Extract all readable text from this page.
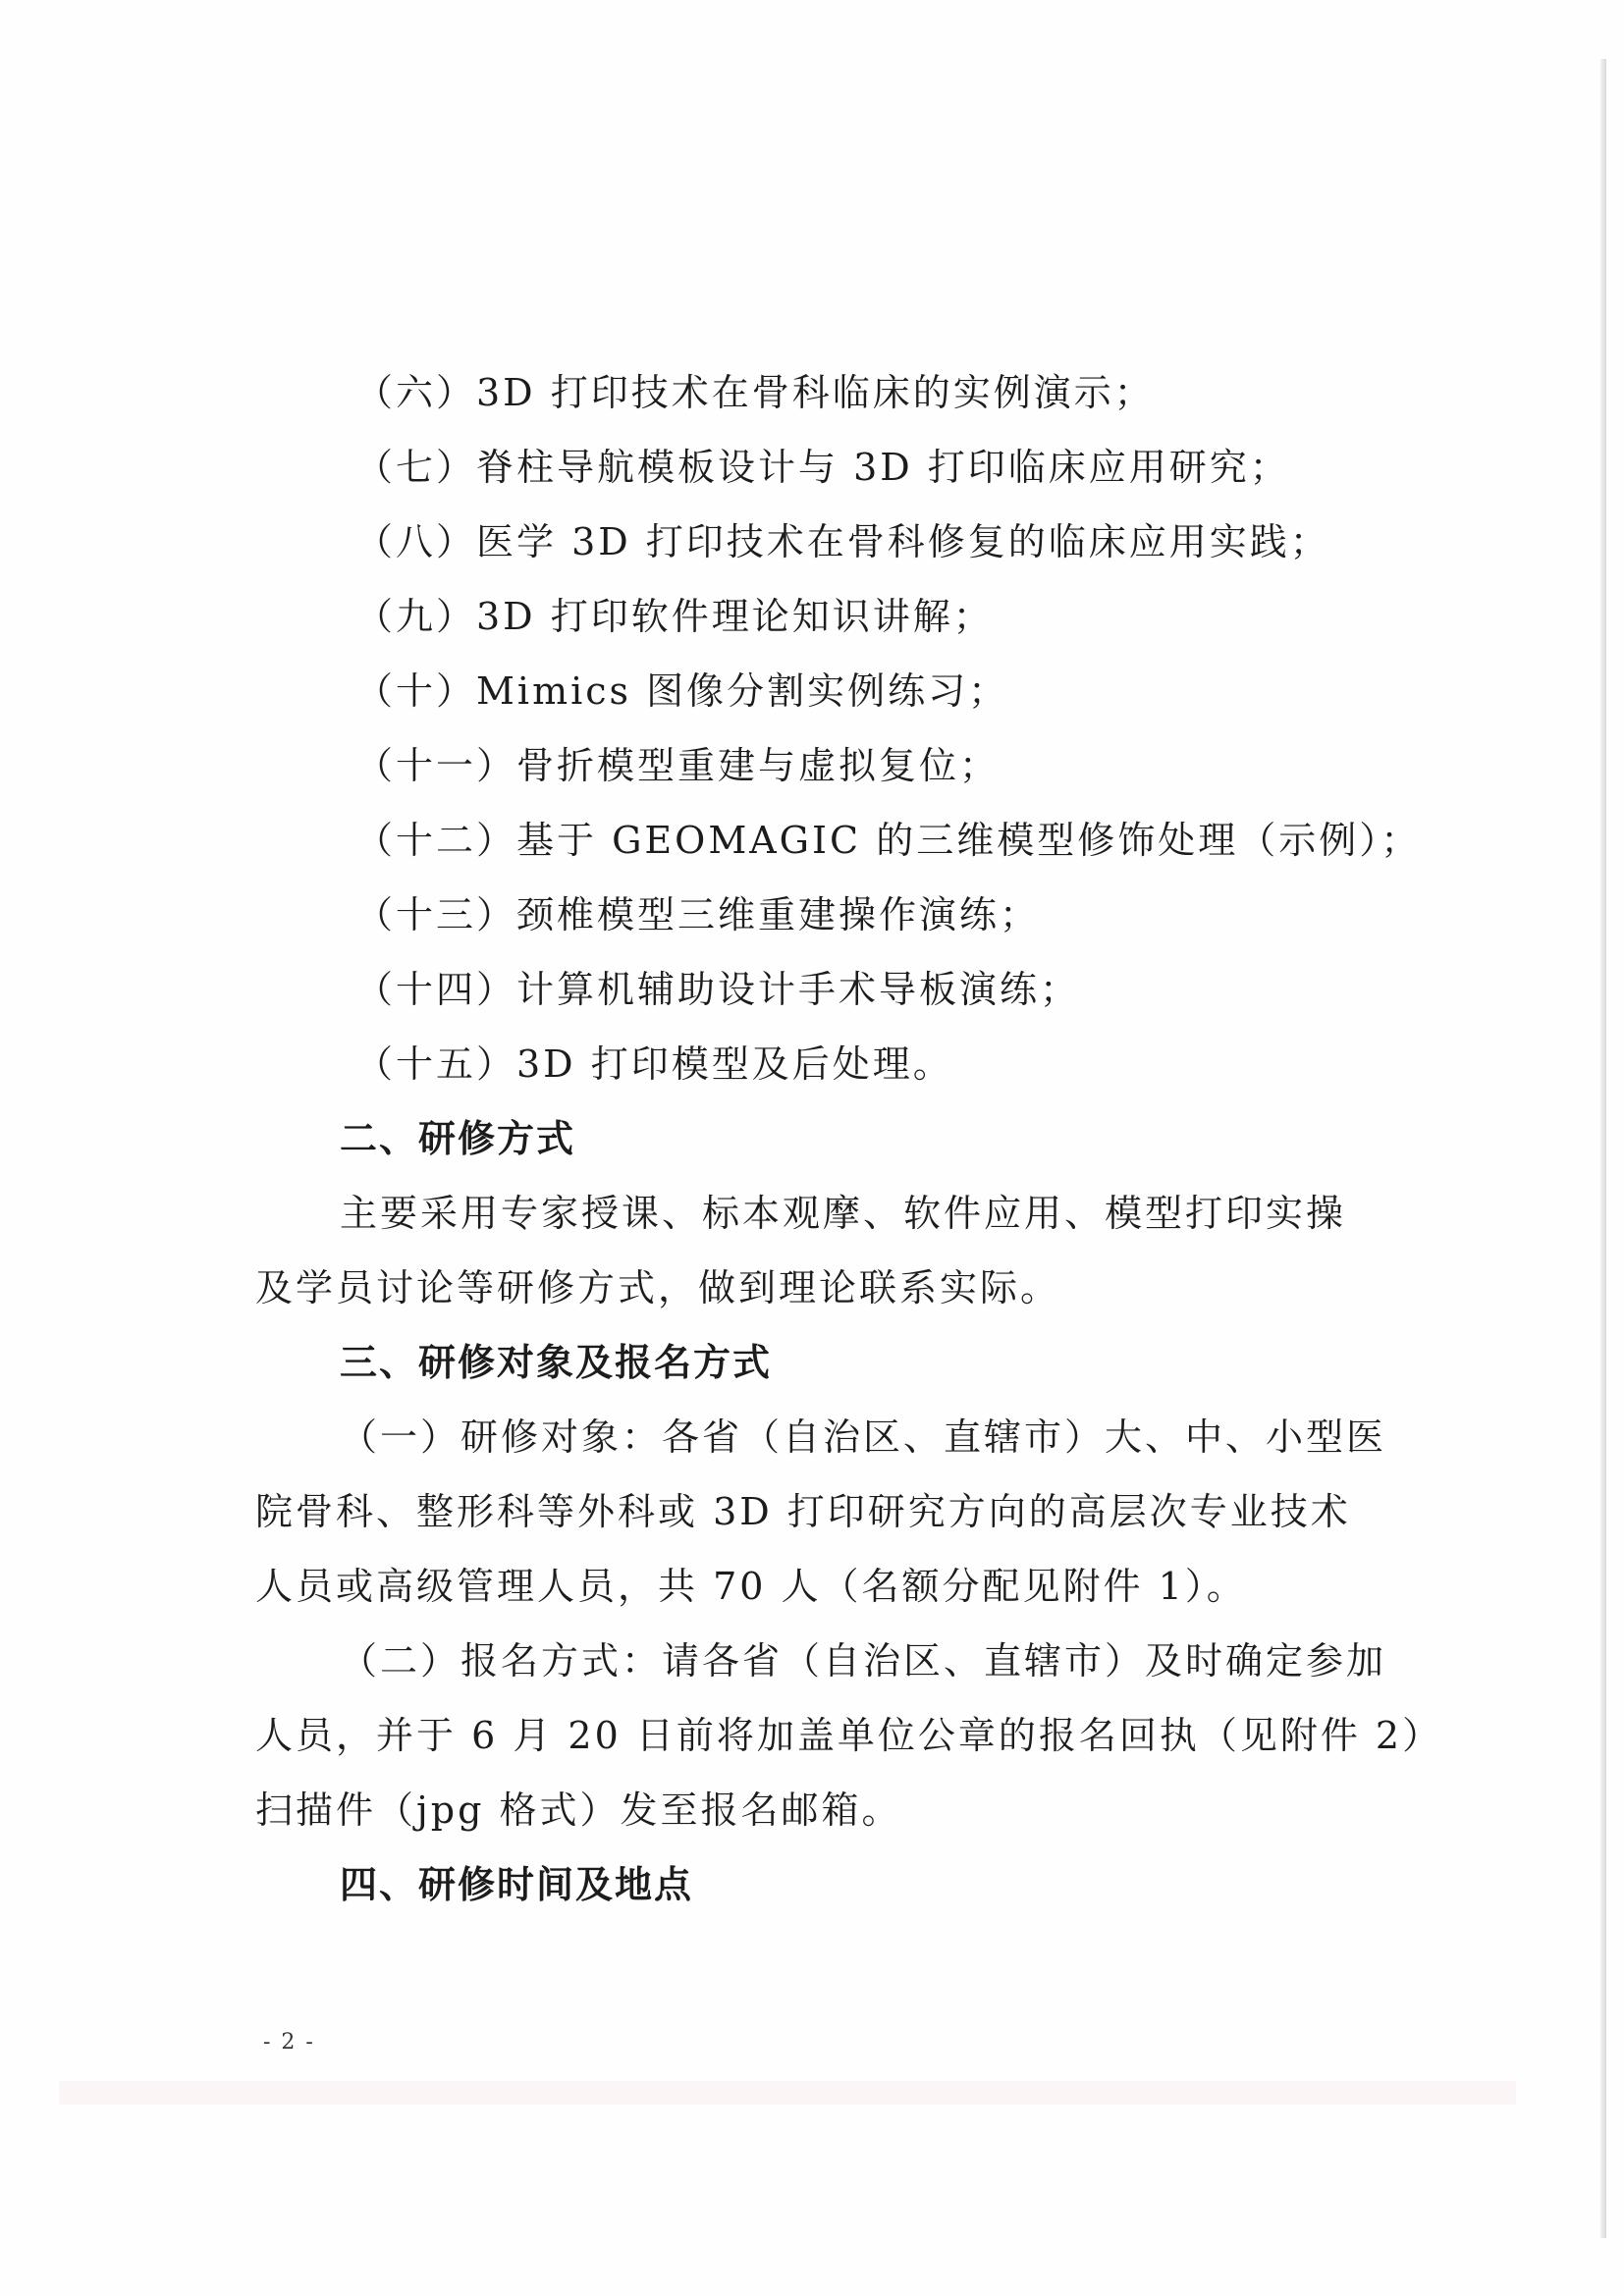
（六）3D 打印技术在骨科临床的实例演示；
（七）脊柱导航模板设计与 3D 打印临床应用研究；
（八）医学 3D 打印技术在骨科修复的临床应用实践；
（九）3D 打印软件理论知识讲解；
（十）Mimics 图像分割实例练习；
（十一）骨折模型重建与虚拟复位；
（十二）基于 GEOMAGIC 的三维模型修饰处理（示例）；
（十三）颈椎模型三维重建操作演练；
（十四）计算机辅助设计手术导板演练；
（十五）3D 打印模型及后处理。
二、研修方式
主要采用专家授课、标本观摩、软件应用、模型打印实操
及学员讨论等研修方式，做到理论联系实际。
三、研修对象及报名方式
（一）研修对象：各省（自治区、直辖市）大、中、小型医
院骨科、整形科等外科或 3D 打印研究方向的高层次专业技术
人员或高级管理人员，共 70 人（名额分配见附件 1）。
（二）报名方式：请各省（自治区、直辖市）及时确定参加
人员，并于 6 月 20 日前将加盖单位公章的报名回执（见附件 2）
扫描件（jpg 格式）发至报名邮箱。
四、研修时间及地点
- 2 -
